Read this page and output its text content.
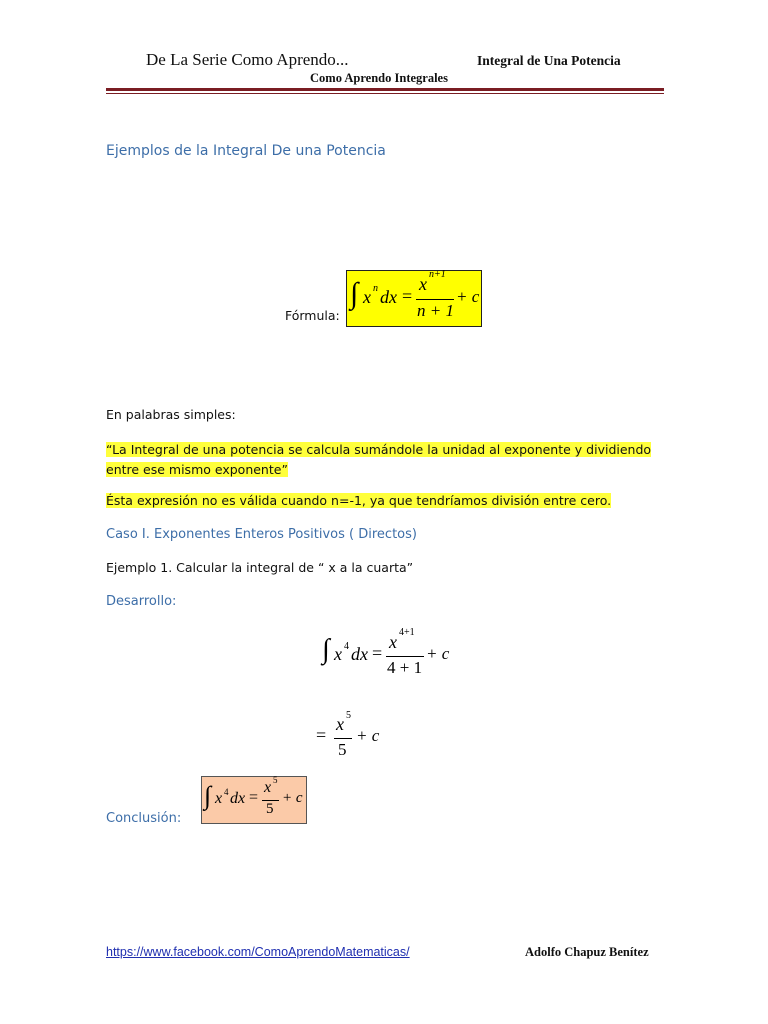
De La Serie Como Aprendo...	Integral de Una Potencia
Como Aprendo Integrales
Ejemplos de la Integral De una Potencia
Fórmula:
∫ x n dx =
x n+1
n + 1
+ c
En palabras simples:
“La Integral de una potencia se calcula sumándole la unidad al exponente y dividiendo
entre ese mismo exponente”
Ésta expresión no es válida cuando n=-1, ya que tendríamos división entre cero.
Caso I. Exponentes Enteros Positivos ( Directos)
Ejemplo 1. Calcular la integral de “ x a la cuarta”
Desarrollo:
∫ x 4 dx =
x 4+1
4 + 1
+ c
=
x 5
5
+ c
Conclusión:
∫ x 4 dx =
x 5
5
+ c
https://www.facebook.com/ComoAprendoMatematicas/	Adolfo Chapuz Benítez
